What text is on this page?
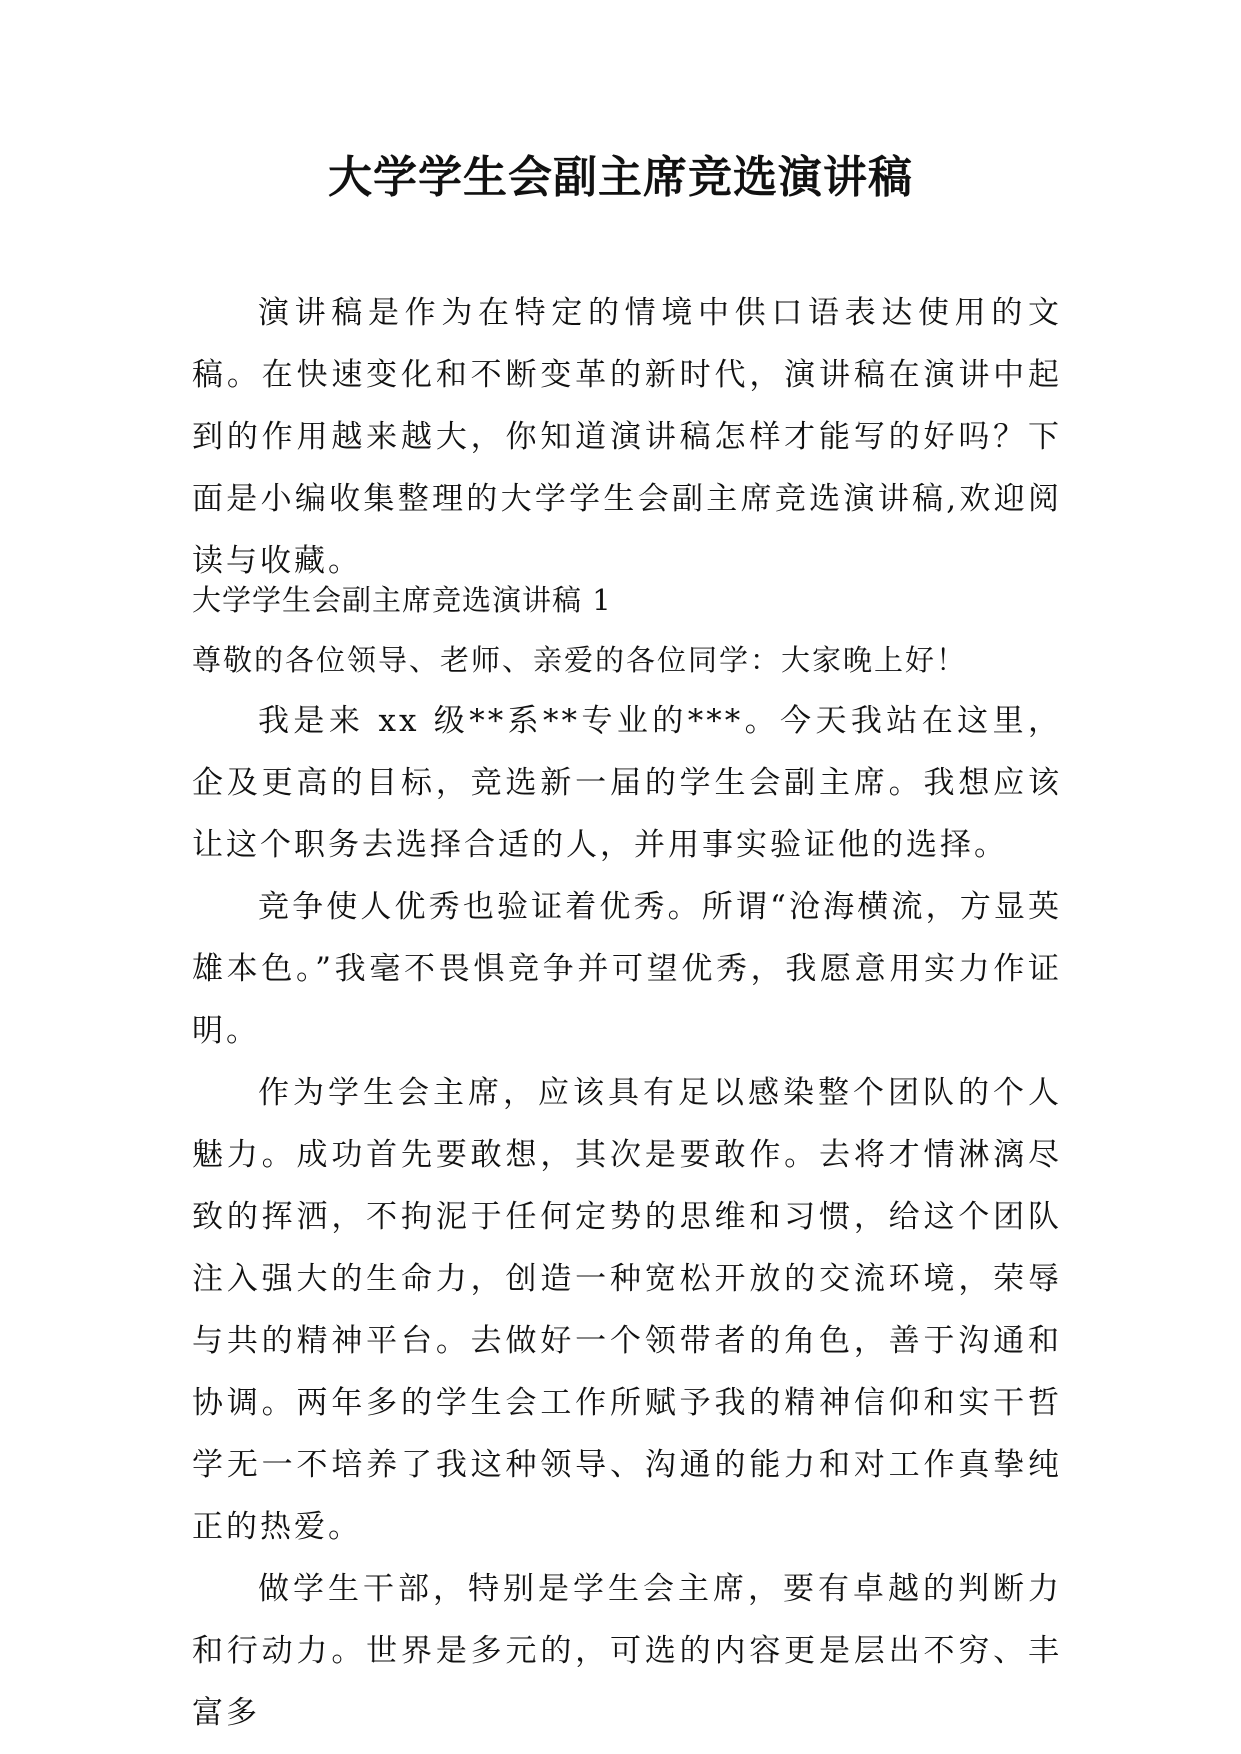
大学学生会副主席竞选演讲稿

演讲稿是作为在特定的情境中供口语表达使用的文稿。在快速变化和不断变革的新时代，演讲稿在演讲中起到的作用越来越大，你知道演讲稿怎样才能写的好吗？下面是小编收集整理的大学学生会副主席竞选演讲稿,欢迎阅读与收藏。

大学学生会副主席竞选演讲稿 1
尊敬的各位领导、老师、亲爱的各位同学：大家晚上好！

我是来 xx 级**系**专业的***。今天我站在这里，企及更高的目标，竞选新一届的学生会副主席。我想应该让这个职务去选择合适的人，并用事实验证他的选择。

竞争使人优秀也验证着优秀。所谓“沧海横流，方显英雄本色。”我毫不畏惧竞争并可望优秀，我愿意用实力作证明。

作为学生会主席，应该具有足以感染整个团队的个人魅力。成功首先要敢想，其次是要敢作。去将才情淋漓尽致的挥洒，不拘泥于任何定势的思维和习惯，给这个团队注入强大的生命力，创造一种宽松开放的交流环境，荣辱与共的精神平台。去做好一个领带者的角色，善于沟通和协调。两年多的学生会工作所赋予我的精神信仰和实干哲学无一不培养了我这种领导、沟通的能力和对工作真挚纯正的热爱。

做学生干部，特别是学生会主席，要有卓越的判断力和行动力。世界是多元的，可选的内容更是层出不穷、丰富多
